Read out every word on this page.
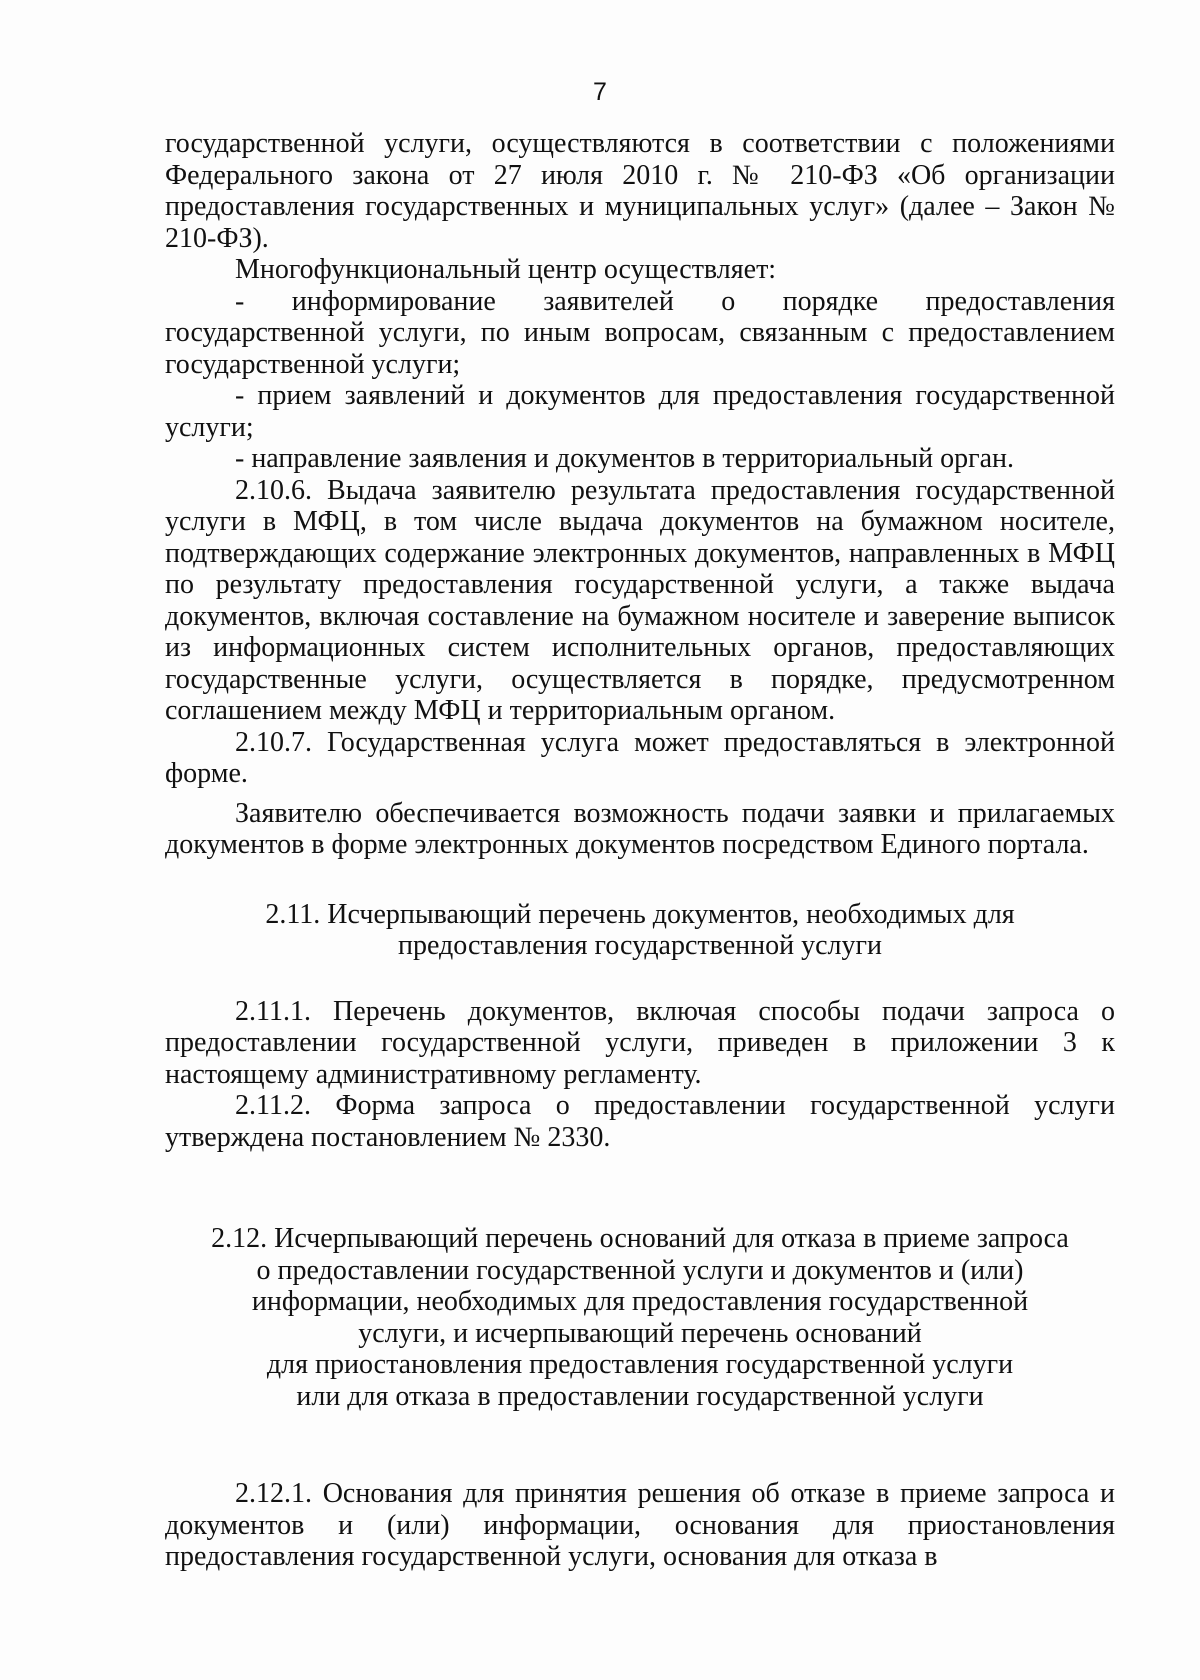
7

государственной услуги, осуществляются в соответствии с положениями Федерального закона от 27 июля 2010 г. № 210-ФЗ «Об организации предоставления государственных и муниципальных услуг» (далее – Закон № 210-ФЗ).

Многофункциональный центр осуществляет:

- информирование заявителей о порядке предоставления государственной услуги, по иным вопросам, связанным с предоставлением государственной услуги;

- прием заявлений и документов для предоставления государственной услуги;

- направление заявления и документов в территориальный орган.

2.10.6. Выдача заявителю результата предоставления государственной услуги в МФЦ, в том числе выдача документов на бумажном носителе, подтверждающих содержание электронных документов, направленных в МФЦ по результату предоставления государственной услуги, а также выдача документов, включая составление на бумажном носителе и заверение выписок из информационных систем исполнительных органов, предоставляющих государственные услуги, осуществляется в порядке, предусмотренном соглашением между МФЦ и территориальным органом.

2.10.7. Государственная услуга может предоставляться в электронной форме.

Заявителю обеспечивается возможность подачи заявки и прилагаемых документов в форме электронных документов посредством Единого портала.

2.11. Исчерпывающий перечень документов, необходимых для
предоставления государственной услуги

2.11.1. Перечень документов, включая способы подачи запроса о предоставлении государственной услуги, приведен в приложении 3 к настоящему административному регламенту.

2.11.2. Форма запроса о предоставлении государственной услуги утверждена постановлением № 2330.

2.12. Исчерпывающий перечень оснований для отказа в приеме запроса
о предоставлении государственной услуги и документов и (или)
информации, необходимых для предоставления государственной
услуги, и исчерпывающий перечень оснований
для приостановления предоставления государственной услуги
или для отказа в предоставлении государственной услуги

2.12.1. Основания для принятия решения об отказе в приеме запроса и документов и (или) информации, основания для приостановления предоставления государственной услуги, основания для отказа в
